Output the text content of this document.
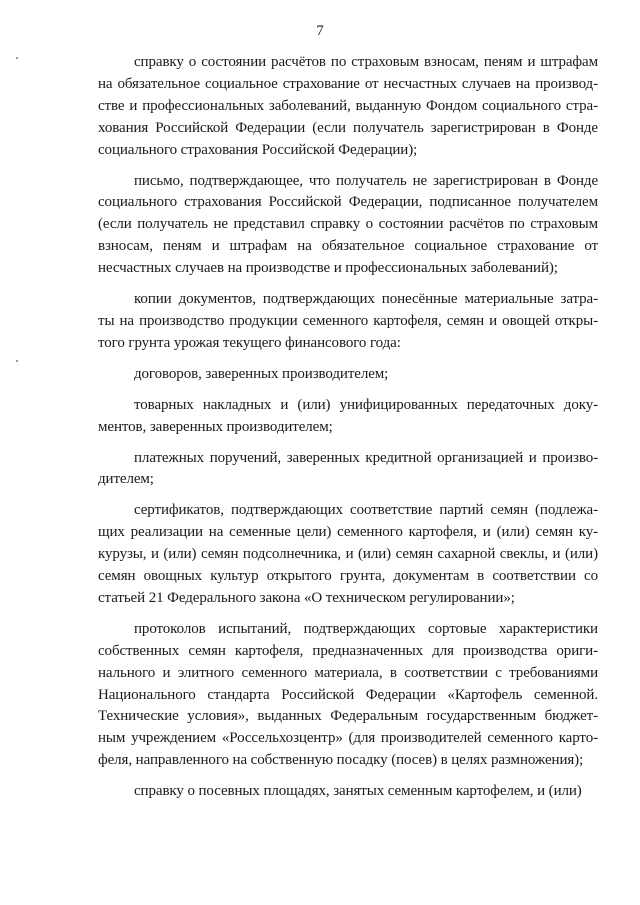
7
справку о состоянии расчётов по страховым взносам, пеням и штрафам
на обязательное социальное страхование от несчастных случаев на производ-
стве и профессиональных заболеваний, выданную Фондом социального стра-
хования Российской Федерации (если получатель зарегистрирован в Фонде
социального страхования Российской Федерации);
письмо, подтверждающее, что получатель не зарегистрирован в Фонде
социального страхования Российской Федерации, подписанное получателем
(если получатель не представил справку о состоянии расчётов по страховым
взносам, пеням и штрафам на обязательное социальное страхование от
несчастных случаев на производстве и профессиональных заболеваний);
копии документов, подтверждающих понесённые материальные затра-
ты на производство продукции семенного картофеля, семян и овощей откры-
того грунта урожая текущего финансового года:
договоров, заверенных производителем;
товарных накладных и (или) унифицированных передаточных доку-
ментов, заверенных производителем;
платежных поручений, заверенных кредитной организацией и произво-
дителем;
сертификатов, подтверждающих соответствие партий семян (подлежа-
щих реализации на семенные цели) семенного картофеля, и (или) семян ку-
курузы, и (или) семян подсолнечника, и (или) семян сахарной свеклы, и (или)
семян овощных культур открытого грунта, документам в соответствии со
статьей 21 Федерального закона «О техническом регулировании»;
протоколов испытаний, подтверждающих сортовые характеристики
собственных семян картофеля, предназначенных для производства ориги-
нального и элитного семенного материала, в соответствии с требованиями
Национального стандарта Российской Федерации «Картофель семенной.
Технические условия», выданных Федеральным государственным бюджет-
ным учреждением «Россельхозцентр» (для производителей семенного карто-
феля, направленного на собственную посадку (посев) в целях размножения);
справку о посевных площадях, занятых семенным картофелем, и (или)
